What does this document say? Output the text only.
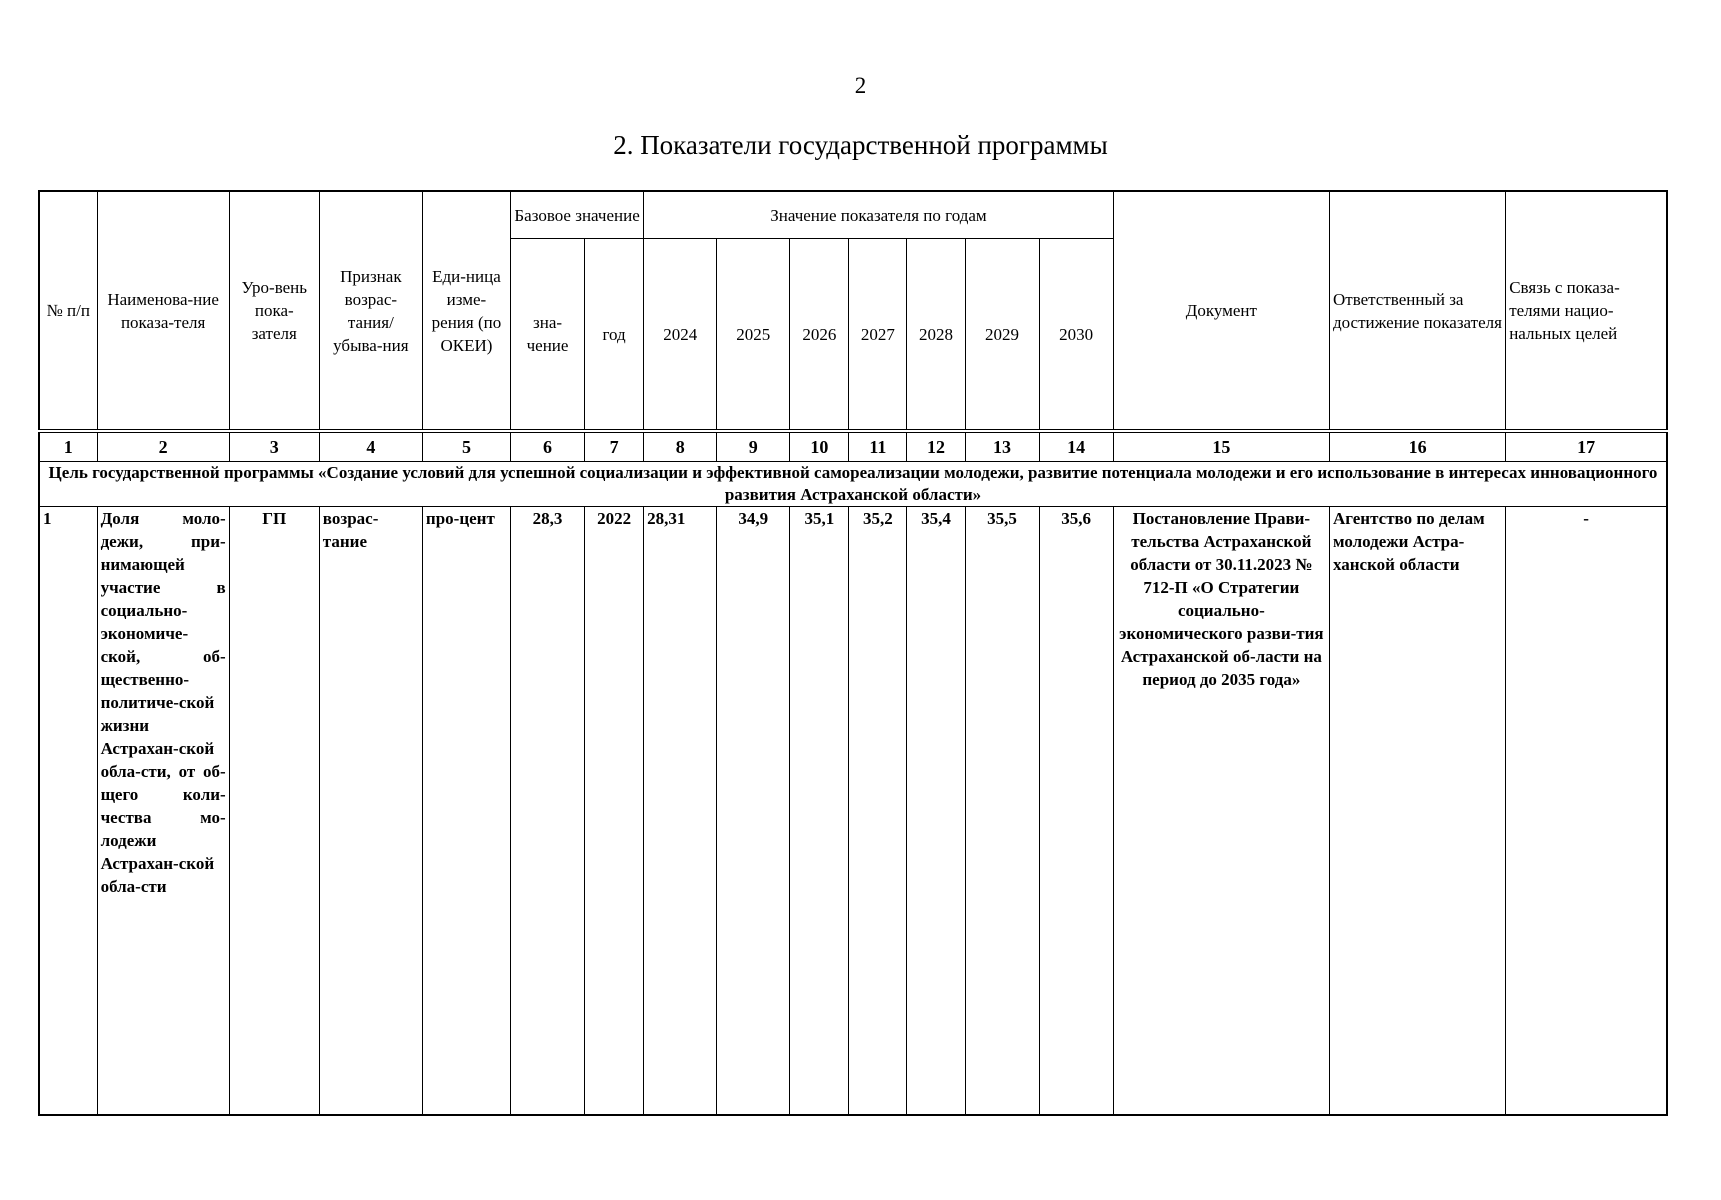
2
2. Показатели государственной программы
№ п/п	Наименова-ние показа-теля	Уро-вень пока-зателя	Признак возрас-тания/ убыва-ния	Еди-ница изме-рения (по ОКЕИ)	Базовое значение		Значение показателя по годам							Документ	Ответственный за достижение показателя	Связь с показа-телями нацио-нальных целей
					зна-чение	год	2024	2025	2026	2027	2028	2029	2030			
1	2	3	4	5	6	7	8	9	10	11	12	13	14	15	16	17
Цель государственной программы «Создание условий для успешной социализации и эффективной самореализации молодежи, развитие потенциала молодежи и его использование в интересах инновационного развития Астраханской области»																
1	Доля моло-дежи, при-нимающей участие в социально-экономиче-ской, об-щественно-политиче-ской жизни Астрахан-ской обла-сти, от об-щего коли-чества мо-лодежи Астрахан-ской обла-сти	ГП	возрас-тание	про-цент	28,3	2022	28,31	34,9	35,1	35,2	35,4	35,5	35,6	Постановление Прави-тельства Астраханской области от 30.11.2023 № 712-П «О Стратегии социально-экономического разви-тия Астраханской об-ласти на период до 2035 года»	Агентство по делам молодежи Астра-ханской области	-
